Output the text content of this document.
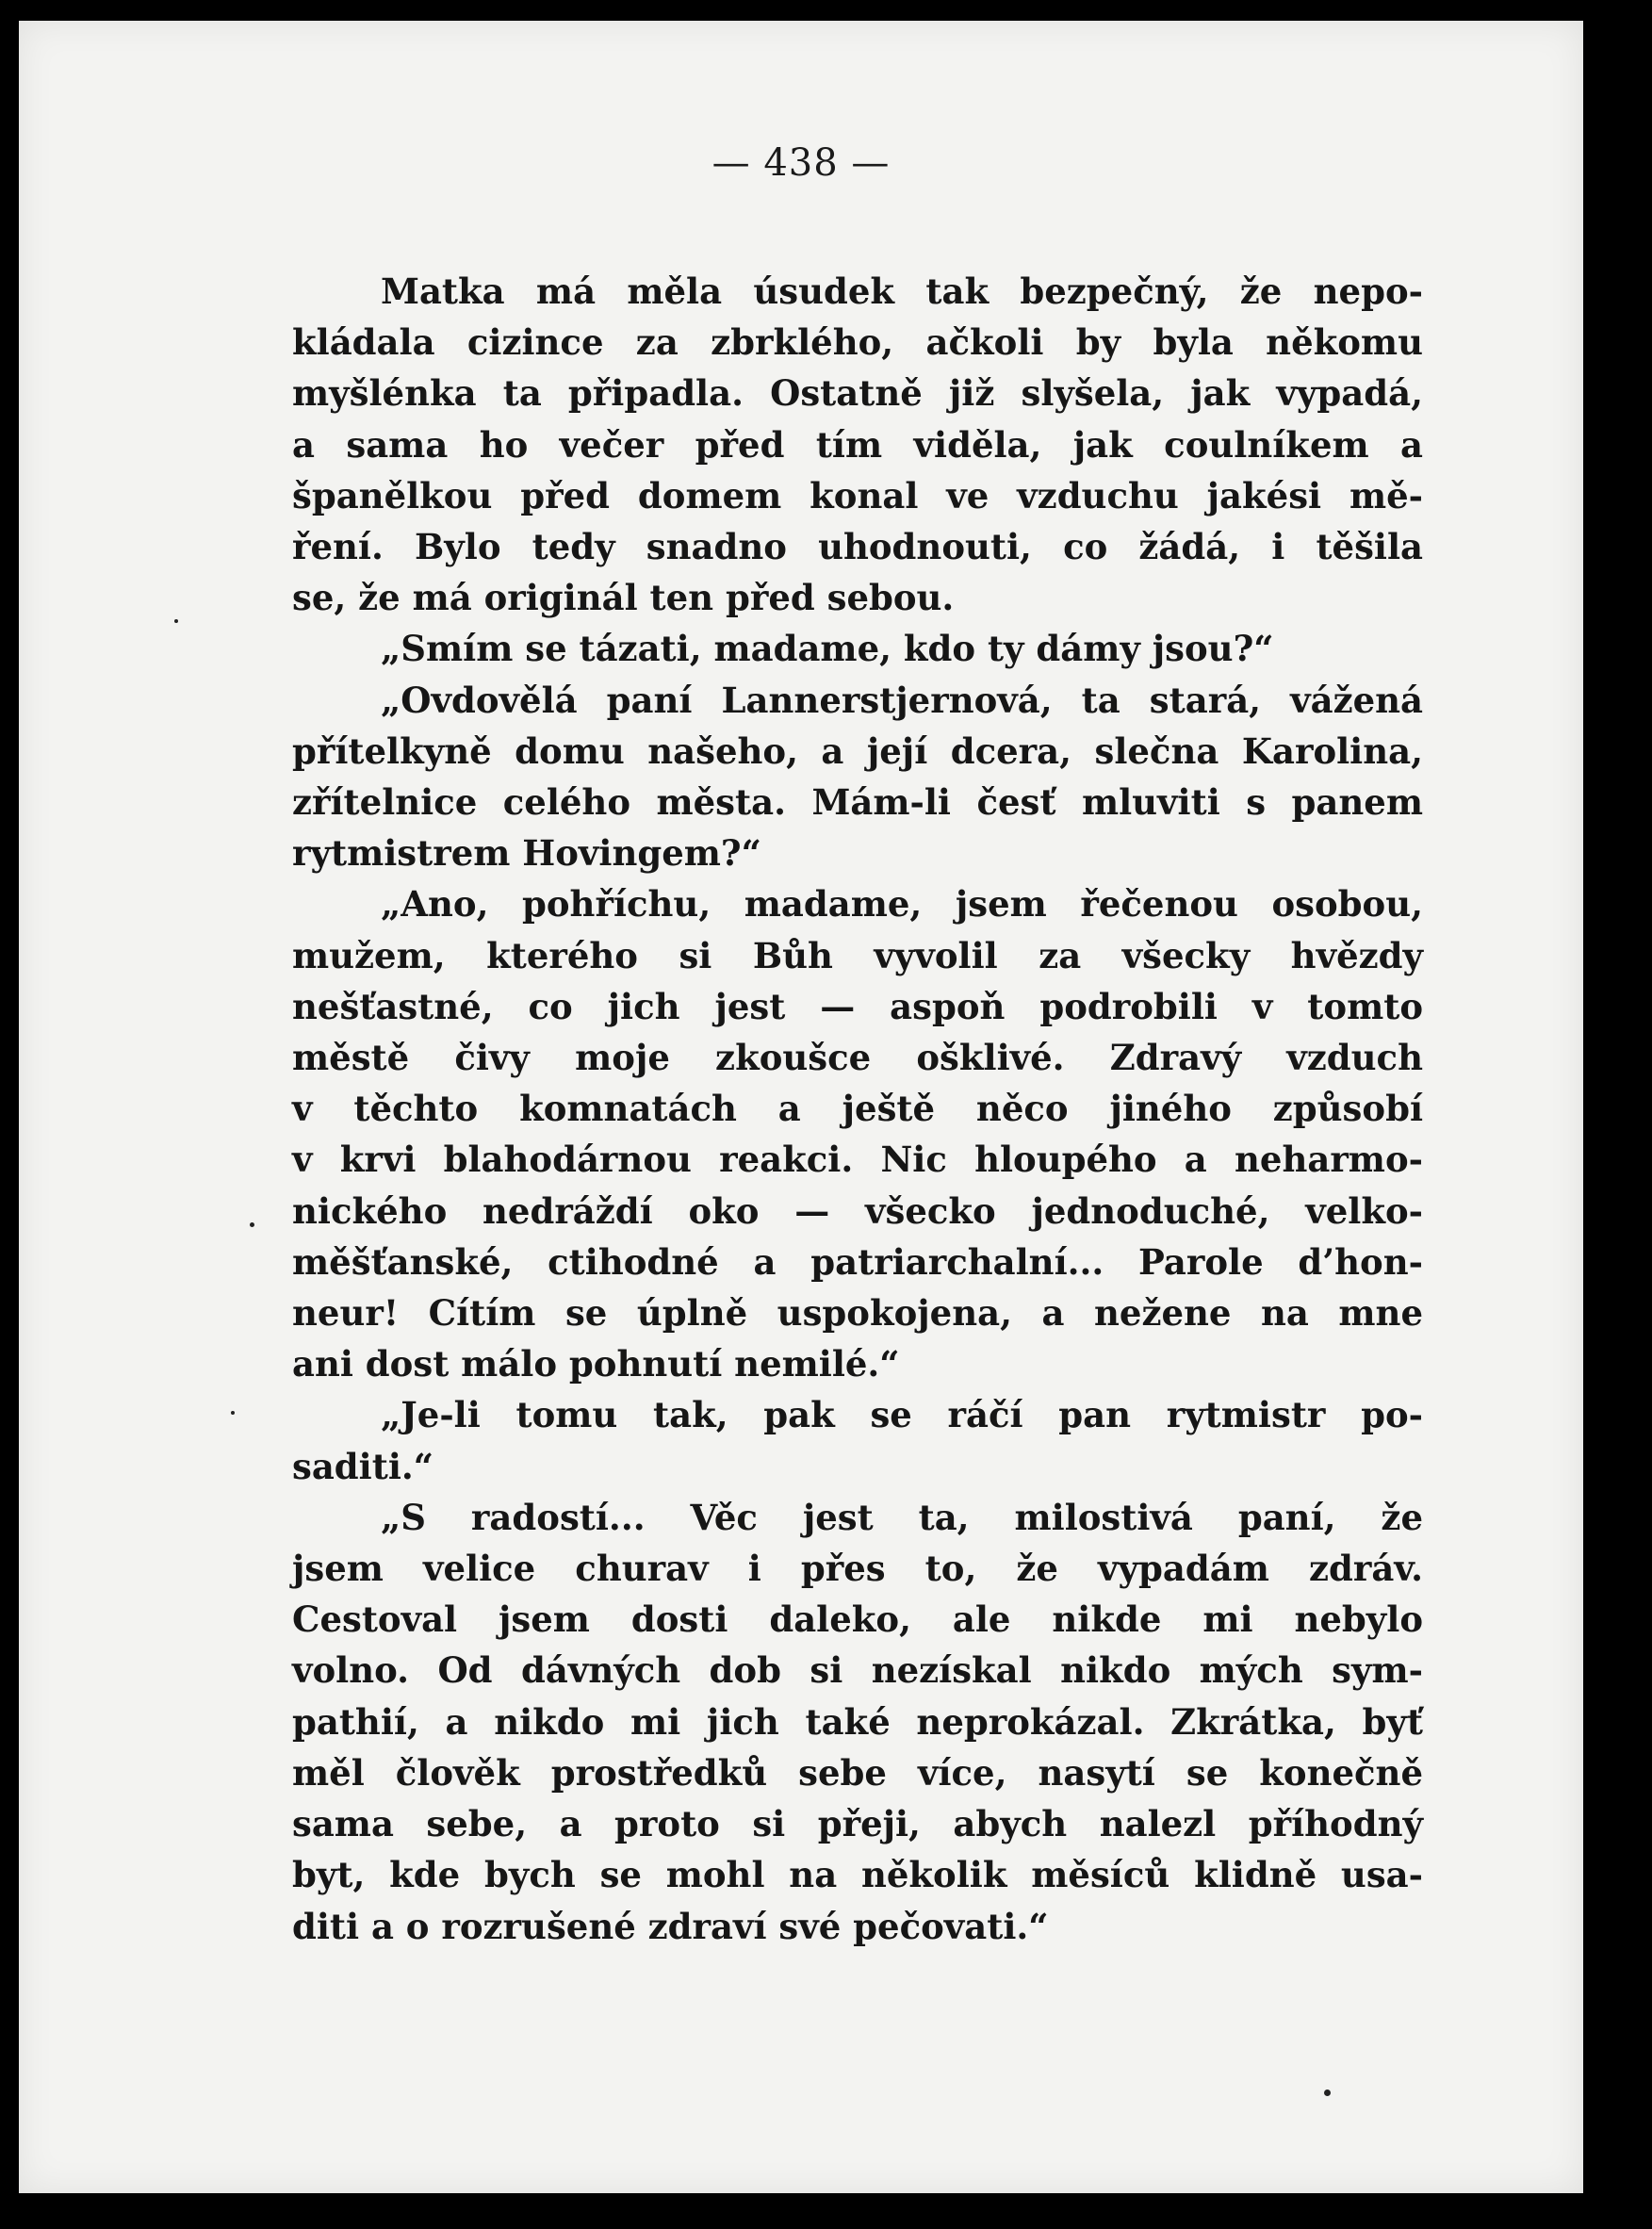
— 438 —
Matka má měla úsudek tak bezpečný, že nepo-
kládala cizince za zbrklého, ačkoli by byla někomu
myšlénka ta připadla. Ostatně již slyšela, jak vypadá,
a sama ho večer před tím viděla, jak coulníkem a
španělkou před domem konal ve vzduchu jakési mě-
ření. Bylo tedy snadno uhodnouti, co žádá, i těšila
se, že má originál ten před sebou.
„Smím se tázati, madame, kdo ty dámy jsou?“
„Ovdovělá paní Lannerstjernová, ta stará, vážená
přítelkyně domu našeho, a její dcera, slečna Karolina,
zřítelnice celého města. Mám-li česť mluviti s panem
rytmistrem Hovingem?“
„Ano, pohříchu, madame, jsem řečenou osobou,
mužem, kterého si Bůh vyvolil za všecky hvězdy
nešťastné, co jich jest — aspoň podrobili v tomto
městě čivy moje zkoušce ošklivé. Zdravý vzduch
v těchto komnatách a ještě něco jiného způsobí
v krvi blahodárnou reakci. Nic hloupého a neharmo-
nického nedráždí oko — všecko jednoduché, velko-
měšťanské, ctihodné a patriarchalní... Parole d’hon-
neur! Cítím se úplně uspokojena, a nežene na mne
ani dost málo pohnutí nemilé.“
„Je-li tomu tak, pak se ráčí pan rytmistr po-
saditi.“
„S radostí... Věc jest ta, milostivá paní, že
jsem velice churav i přes to, že vypadám zdráv.
Cestoval jsem dosti daleko, ale nikde mi nebylo
volno. Od dávných dob si nezískal nikdo mých sym-
pathií, a nikdo mi jich také neprokázal. Zkrátka, byť
měl člověk prostředků sebe více, nasytí se konečně
sama sebe, a proto si přeji, abych nalezl příhodný
byt, kde bych se mohl na několik měsíců klidně usa-
diti a o rozrušené zdraví své pečovati.“
